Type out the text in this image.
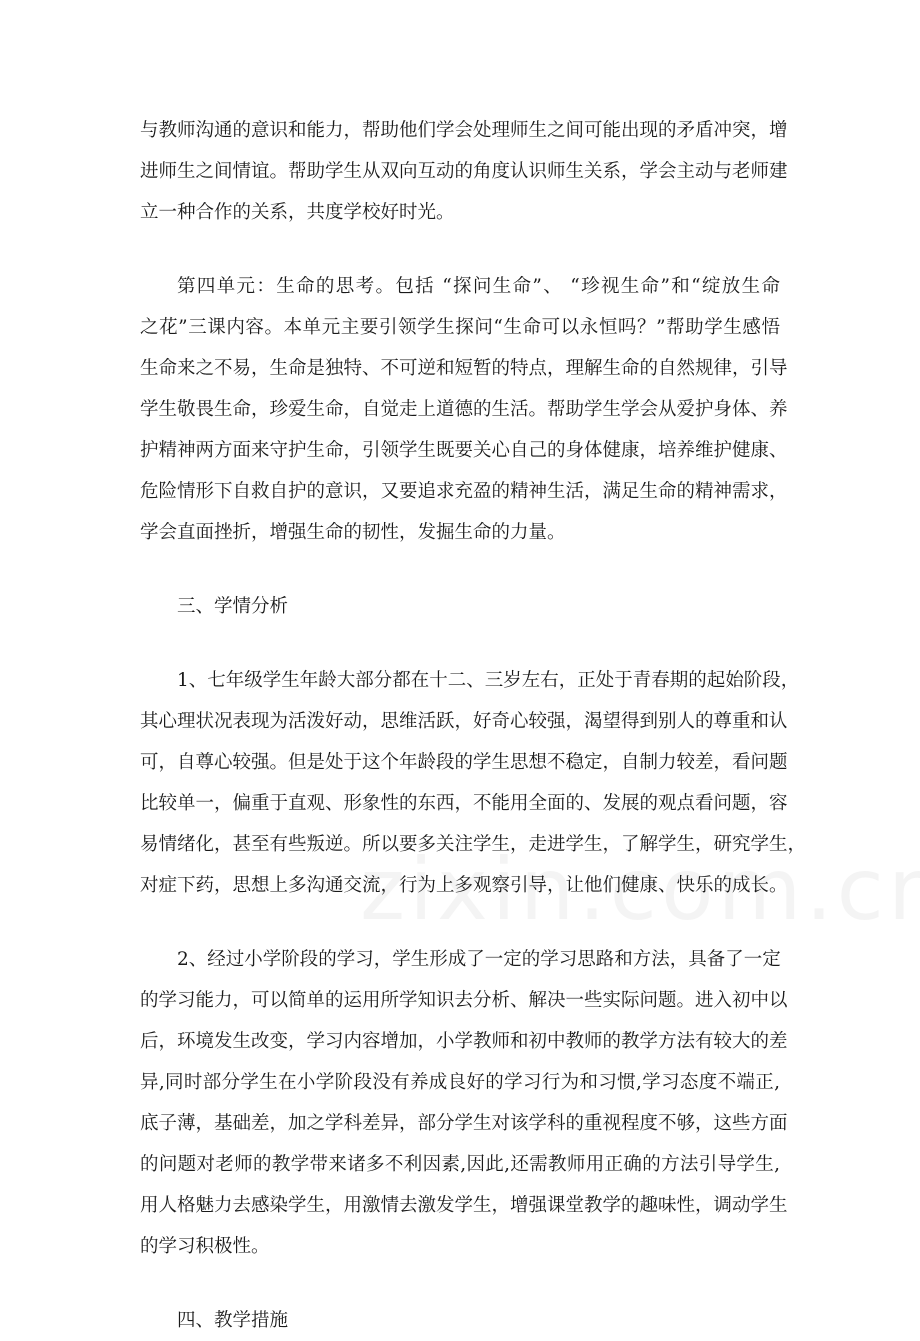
与教师沟通的意识和能力，帮助他们学会处理师生之间可能出现的矛盾冲突，增
进师生之间情谊。帮助学生从双向互动的角度认识师生关系，学会主动与老师建
立一种合作的关系，共度学校好时光。
第四单元：生命的思考。包括 “探问生命”、 “珍视生命”和“绽放生命
之花”三课内容。本单元主要引领学生探问“生命可以永恒吗？”帮助学生感悟
生命来之不易，生命是独特、不可逆和短暂的特点，理解生命的自然规律，引导
学生敬畏生命，珍爱生命，自觉走上道德的生活。帮助学生学会从爱护身体、养
护精神两方面来守护生命，引领学生既要关心自己的身体健康，培养维护健康、
危险情形下自救自护的意识，又要追求充盈的精神生活，满足生命的精神需求，
学会直面挫折，增强生命的韧性，发掘生命的力量。
三、学情分析
1、七年级学生年龄大部分都在十二、三岁左右，正处于青春期的起始阶段，
其心理状况表现为活泼好动，思维活跃，好奇心较强，渴望得到别人的尊重和认
可，自尊心较强。但是处于这个年龄段的学生思想不稳定，自制力较差，看问题
比较单一，偏重于直观、形象性的东西，不能用全面的、发展的观点看问题，容
易情绪化，甚至有些叛逆。所以要多关注学生，走进学生，了解学生，研究学生，
对症下药，思想上多沟通交流，行为上多观察引导，让他们健康、快乐的成长。
2、经过小学阶段的学习，学生形成了一定的学习思路和方法，具备了一定
的学习能力，可以简单的运用所学知识去分析、解决一些实际问题。进入初中以
后，环境发生改变，学习内容增加，小学教师和初中教师的教学方法有较大的差
异,同时部分学生在小学阶段没有养成良好的学习行为和习惯,学习态度不端正,
底子薄，基础差，加之学科差异，部分学生对该学科的重视程度不够，这些方面
的问题对老师的教学带来诸多不利因素,因此,还需教师用正确的方法引导学生,
用人格魅力去感染学生，用激情去激发学生，增强课堂教学的趣味性，调动学生
的学习积极性。
四、教学措施
